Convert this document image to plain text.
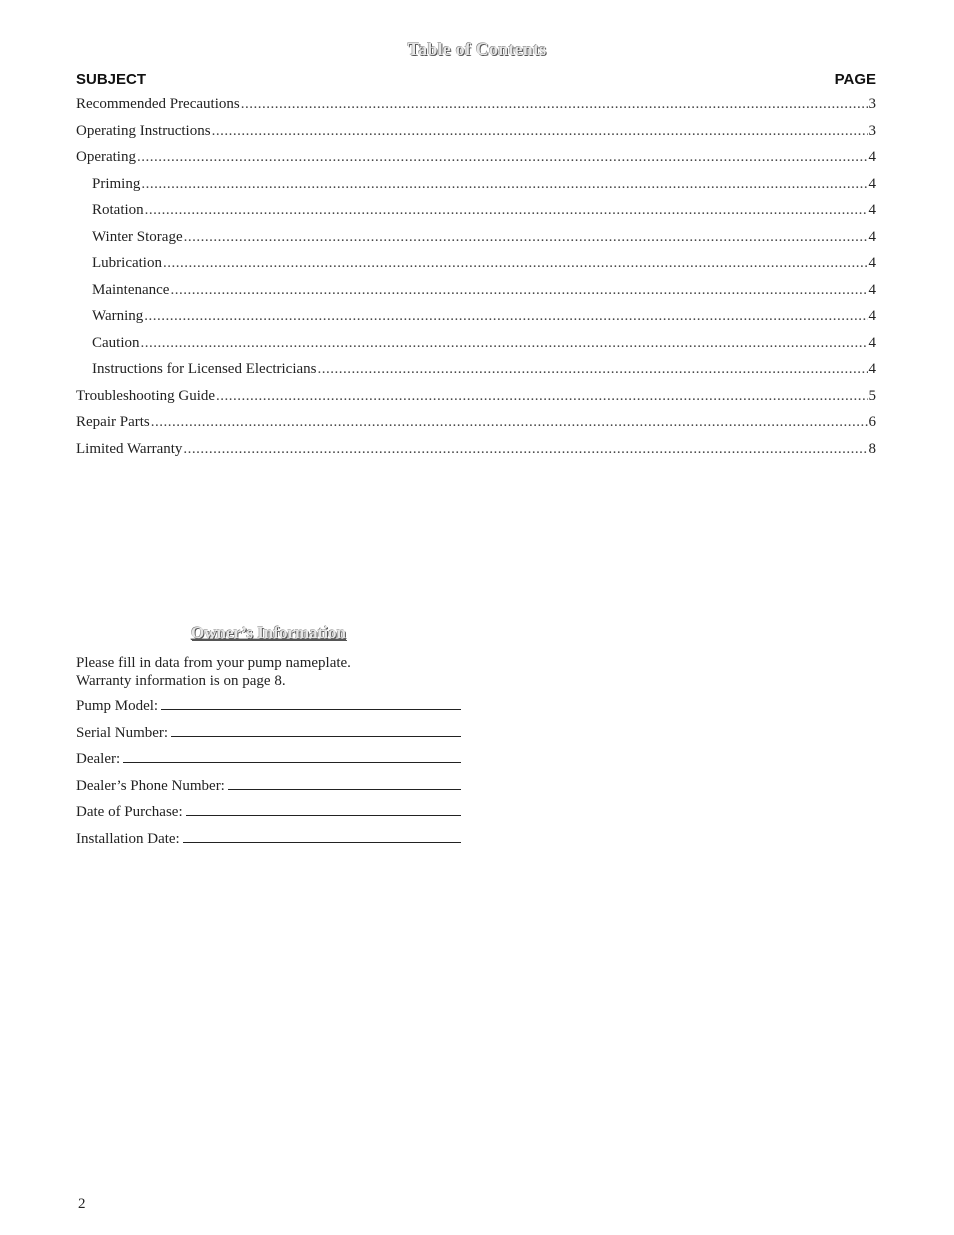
Table of Contents
SUBJECT	PAGE
Recommended Precautions .....	3
Operating Instructions .....	3
Operating .....	4
Priming .....	4
Rotation .....	4
Winter Storage .....	4
Lubrication .....	4
Maintenance .....	4
Warning .....	4
Caution .....	4
Instructions for Licensed Electricians .....	4
Troubleshooting Guide .....	5
Repair Parts .....	6
Limited Warranty .....	8
Owner’s Information
Please fill in data from your pump nameplate.
Warranty information is on page 8.
Pump Model:
Serial Number:
Dealer:
Dealer’s Phone Number:
Date of Purchase:
Installation Date:
2
